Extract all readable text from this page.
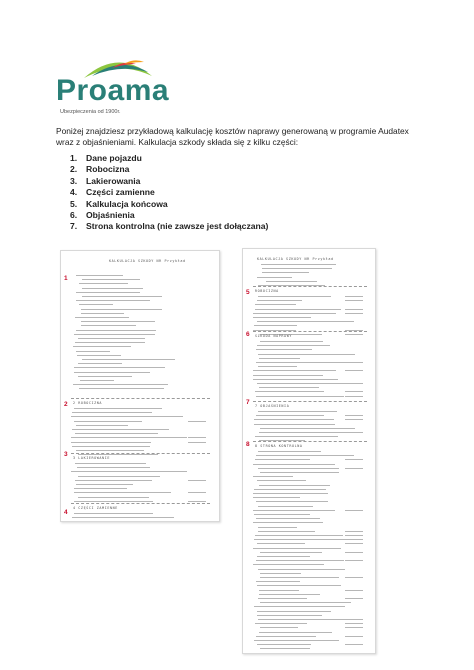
Proama
Ubezpieczenia od 1900r.
Poniżej znajdziesz przykładową kalkulację kosztów naprawy generowaną w programie Audatex wraz z objaśnieniami. Kalkulacja szkody składa się z kilku części:
1. Dane pojazdu
2. Robocizna
3. Lakierowania
4. Części zamienne
5. Kalkulacja końcowa
6. Objaśnienia
7. Strona kontrolna (nie zawsze jest dołączana)
KALKULACJA SZKODY NR Przykład
2 ROBOCIZNA
3 LAKIEROWANIE
4 CZĘŚCI ZAMIENNE
1
2
3
4
KALKULACJA SZKODY NR Przykład
ROBOCIZNA
SZKODA NAPRAWY
7 OBJAŚNIENIA
8 STRONA KONTROLNA
5
6
7
8
